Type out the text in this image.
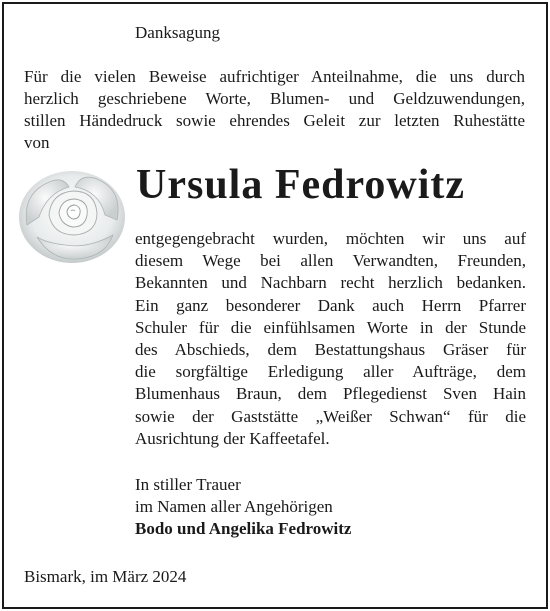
Danksagung
Für die vielen Beweise aufrichtiger Anteilnahme, die uns durch
herzlich geschriebene Worte, Blumen- und Geldzuwendungen,
stillen Händedruck sowie ehrendes Geleit zur letzten Ruhestätte
von
Ursula Fedrowitz
entgegengebracht wurden, möchten wir uns auf
diesem Wege bei allen Verwandten, Freunden,
Bekannten und Nachbarn recht herzlich bedanken.
Ein ganz besonderer Dank auch Herrn Pfarrer
Schuler für die einfühlsamen Worte in der Stunde
des Abschieds, dem Bestattungshaus Gräser für
die sorgfältige Erledigung aller Aufträge, dem
Blumenhaus Braun, dem Pflegedienst Sven Hain
sowie der Gaststätte „Weißer Schwan“ für die
Ausrichtung der Kaffeetafel.
In stiller Trauer
im Namen aller Angehörigen
Bodo und Angelika Fedrowitz
Bismark, im März 2024
